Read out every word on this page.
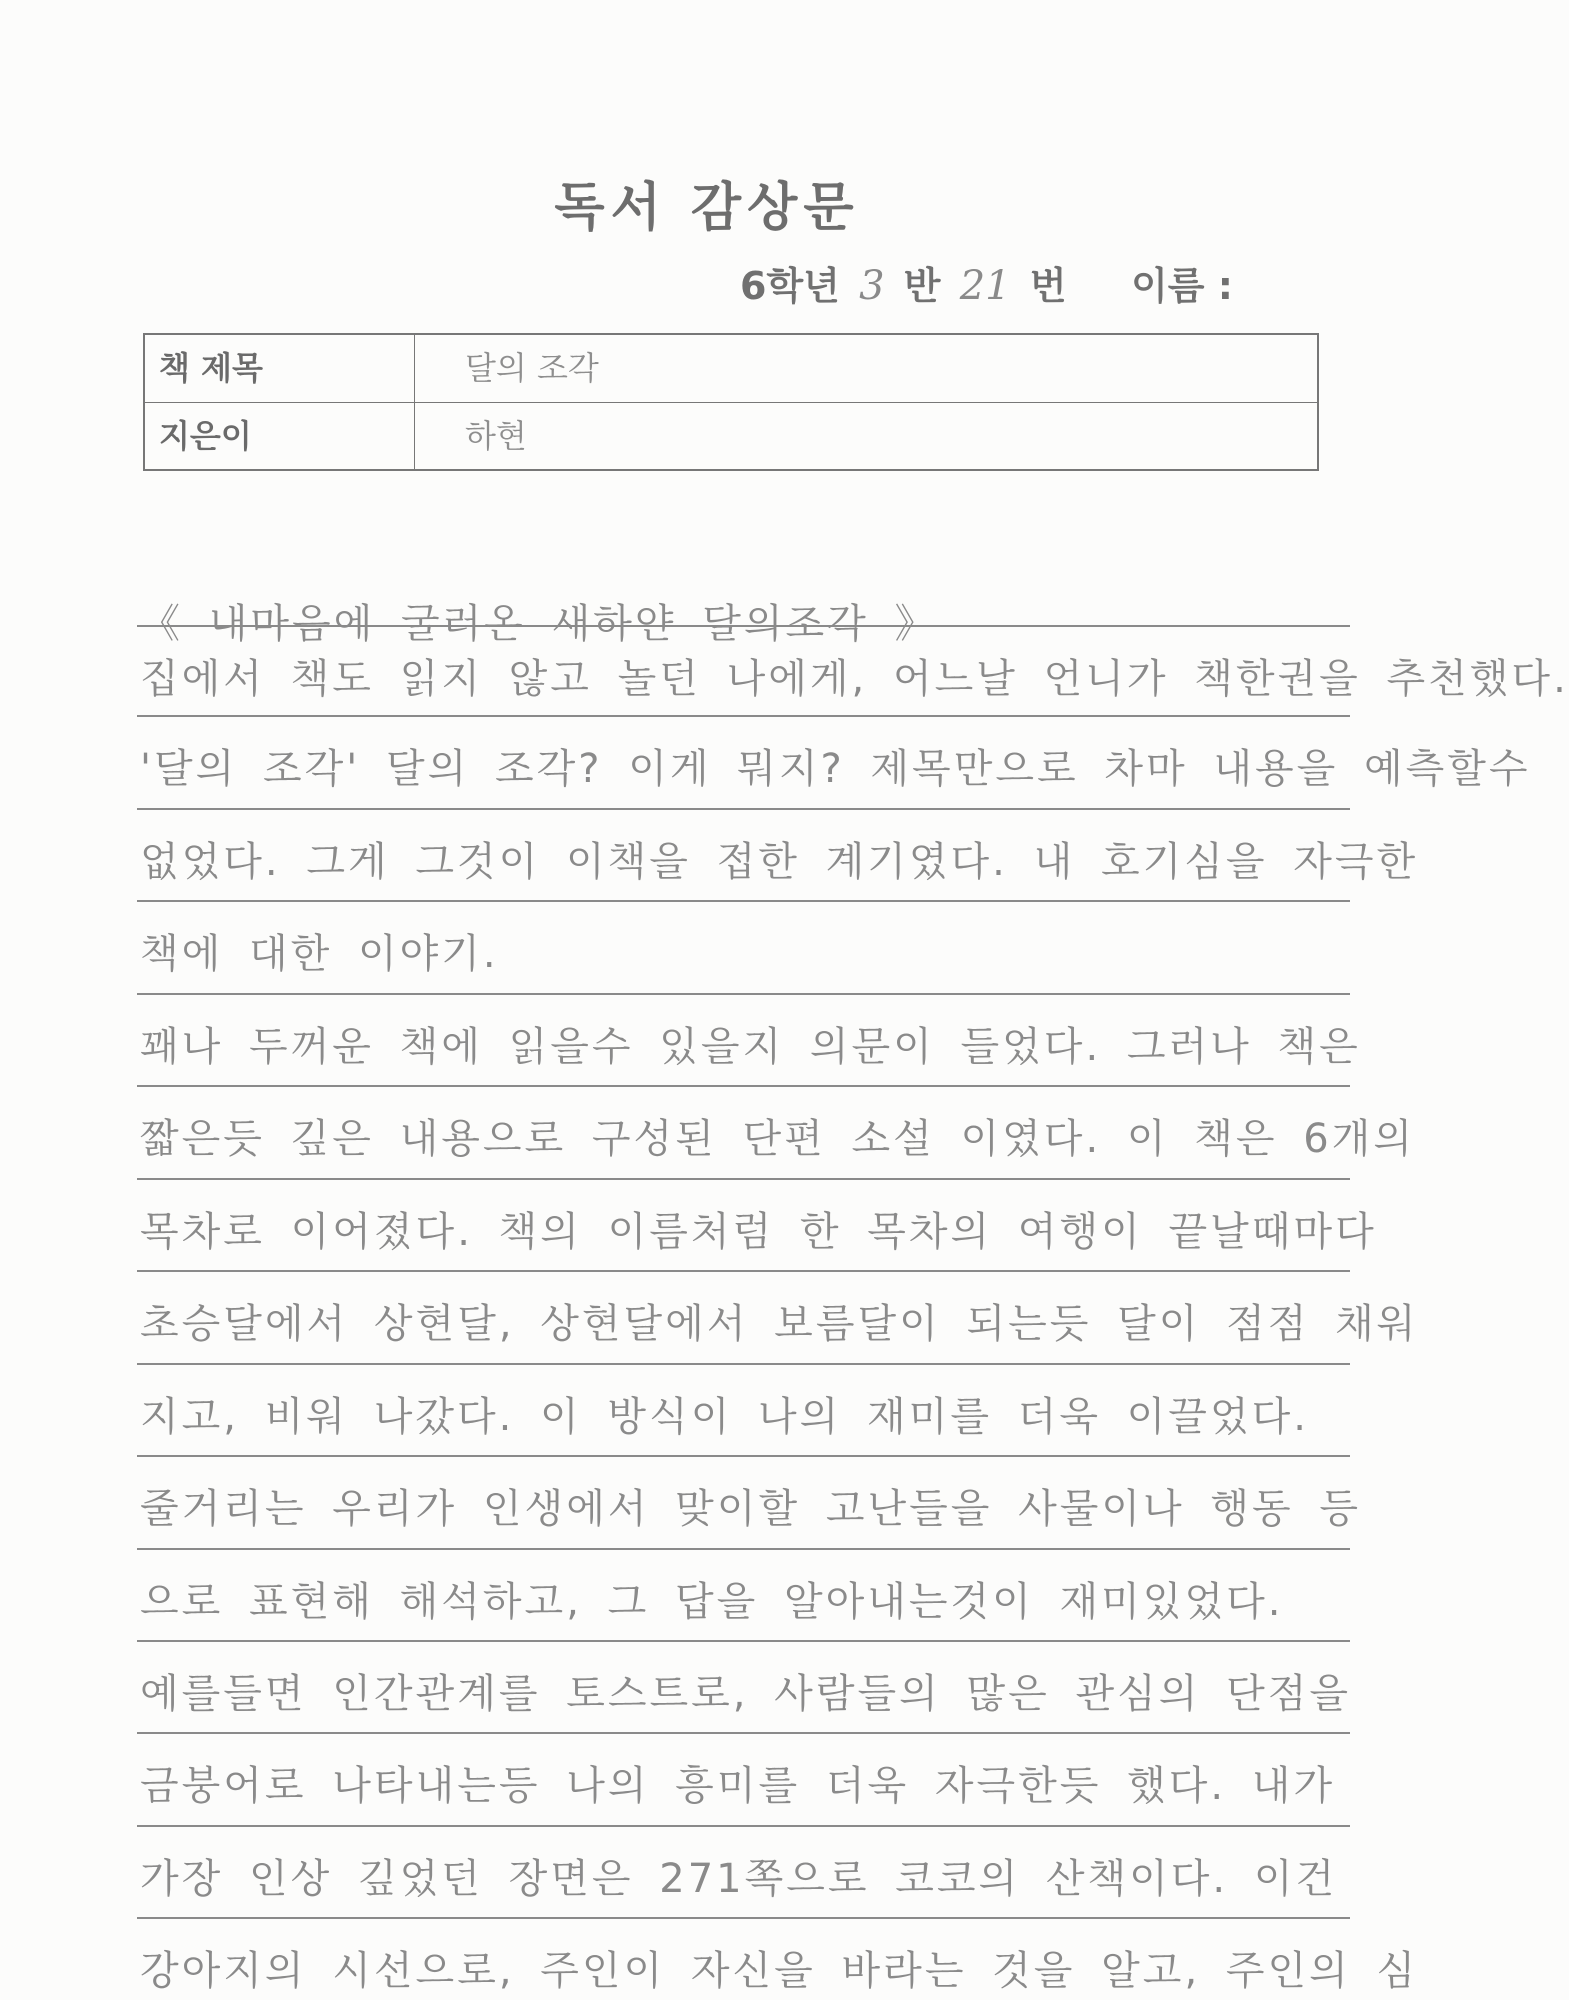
독서 감상문
6학년 3 반 21 번 이름 :
책 제목	달의 조각
지은이	하현
《 내마음에 굴러온 새하얀 달의조각 》
집에서 책도 읽지 않고 놀던 나에게, 어느날 언니가 책한권을 추천했다.
'달의 조각' 달의 조각? 이게 뭐지? 제목만으로 차마 내용을 예측할수
없었다. 그게 그것이 이책을 접한 계기였다. 내 호기심을 자극한
책에 대한 이야기.
꽤나 두꺼운 책에 읽을수 있을지 의문이 들었다. 그러나 책은
짧은듯 깊은 내용으로 구성된 단편 소설 이였다. 이 책은 6개의
목차로 이어졌다. 책의 이름처럼 한 목차의 여행이 끝날때마다
초승달에서 상현달, 상현달에서 보름달이 되는듯 달이 점점 채워
지고, 비워 나갔다. 이 방식이 나의 재미를 더욱 이끌었다.
줄거리는 우리가 인생에서 맞이할 고난들을 사물이나 행동 등
으로 표현해 해석하고, 그 답을 알아내는것이 재미있었다.
예를들면 인간관계를 토스트로, 사람들의 많은 관심의 단점을
금붕어로 나타내는등 나의 흥미를 더욱 자극한듯 했다. 내가
가장 인상 깊었던 장면은 271쪽으로 코코의 산책이다. 이건
강아지의 시선으로, 주인이 자신을 바라는 것을 알고, 주인의 심
